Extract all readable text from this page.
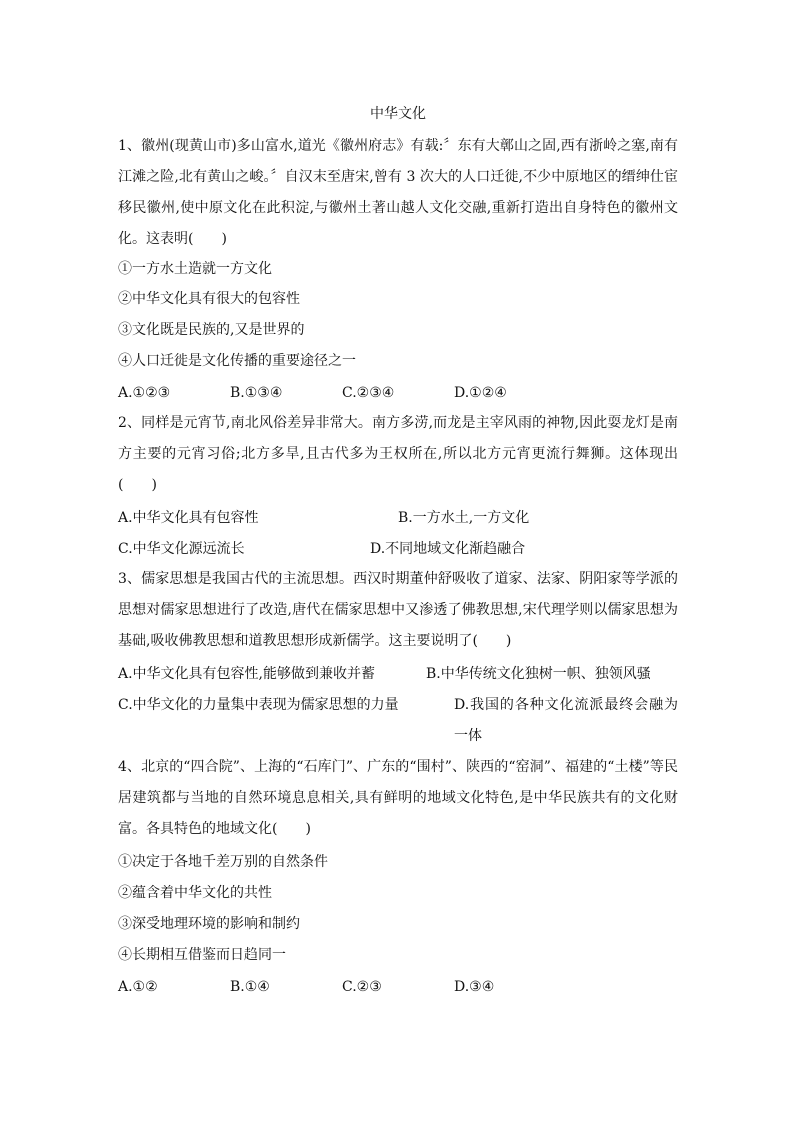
中华文化
1、徽州(现黄山市)多山富水,道光《徽州府志》有载:〞东有大鄣山之固,西有浙岭之塞,南有江滩之险,北有黄山之峻。〞自汉末至唐宋,曾有 3 次大的人口迁徙,不少中原地区的缙绅仕宦移民徽州,使中原文化在此积淀,与徽州土著山越人文化交融,重新打造出自身特色的徽州文化。这表明(　　)
①一方水土造就一方文化
②中华文化具有很大的包容性
③文化既是民族的,又是世界的
④人口迁徙是文化传播的重要途径之一
A.①②③	B.①③④	C.②③④	D.①②④
2、同样是元宵节,南北风俗差异非常大。南方多涝,而龙是主宰风雨的神物,因此耍龙灯是南方主要的元宵习俗;北方多旱,且古代多为王权所在,所以北方元宵更流行舞狮。这体现出(　　)
A.中华文化具有包容性	B.一方水土,一方文化
C.中华文化源远流长	D.不同地域文化渐趋融合
3、儒家思想是我国古代的主流思想。西汉时期董仲舒吸收了道家、法家、阴阳家等学派的思想对儒家思想进行了改造,唐代在儒家思想中又渗透了佛教思想,宋代理学则以儒家思想为基础,吸收佛教思想和道教思想形成新儒学。这主要说明了(　　)
A.中华文化具有包容性,能够做到兼收并蓄	B.中华传统文化独树一帜、独领风骚
C.中华文化的力量集中表现为儒家思想的力量	D.我国的各种文化流派最终会融为一体
4、北京的“四合院”、上海的“石库门”、广东的“围村”、陕西的“窑洞”、福建的“土楼”等民居建筑都与当地的自然环境息息相关,具有鲜明的地域文化特色,是中华民族共有的文化财富。各具特色的地域文化(　　)
①决定于各地千差万别的自然条件
②蕴含着中华文化的共性
③深受地理环境的影响和制约
④长期相互借鉴而日趋同一
A.①②	B.①④	C.②③	D.③④
